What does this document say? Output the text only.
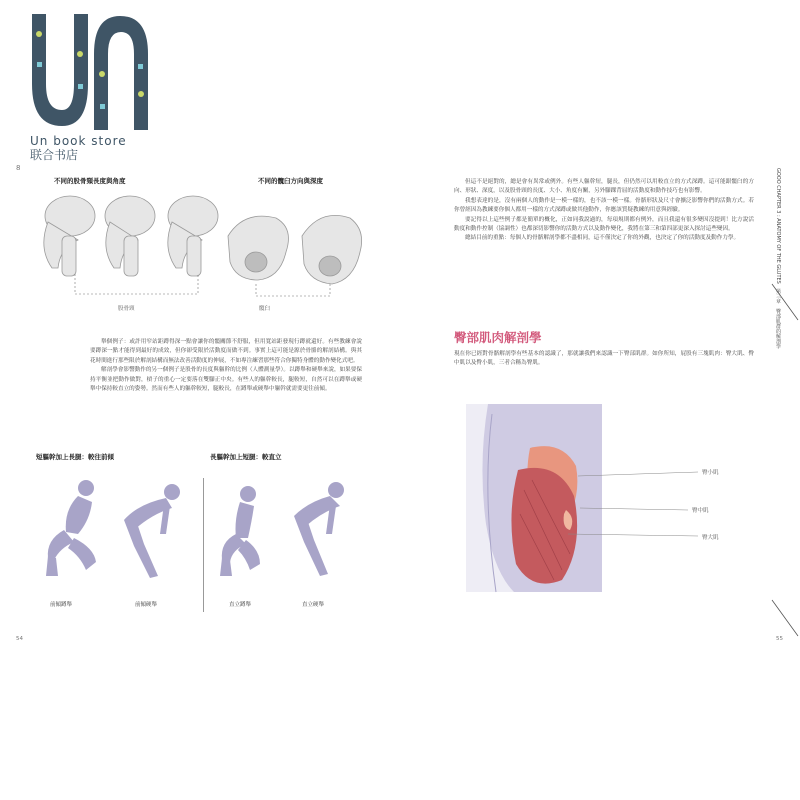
Un book store
联合书店
8
不同的股骨頸長度與角度	不同的髖臼方向與深度
股骨頸	髖臼

舉個例子：或許用窄站距蹲得深一點會讓你的髖關節不舒服，但用寬站距發現行蹲就還好。有些教練會說要蹲深一點才能得到最好的成效，但你卻受限於活動度而做不到。事實上這可能是源於骨骼的解剖結構。與其花時間進行那些限於解剖結構而無法改善活動度的伸展，不如專注練習那些符合你獨特身體的動作變化式吧。

解剖學會影響動作的另一個例子是股骨的長度與軀幹的比例（人體測量學）。以蹲舉和硬舉來說，如果要保持平衡並把動作做對，槓子的重心一定要落在雙腳正中央。有些人的軀幹較長，腿較短，自然可以在蹲舉或硬舉中保持較直立的姿勢。然而有些人的軀幹較短，腿較長，在蹲舉或硬舉中軀幹就需要更往前傾。

短軀幹加上長腿：較往前傾	長軀幹加上短腿：較直立
前傾蹲舉	前傾硬舉	直立蹲舉	直立硬舉
54

但這不是絕對的，總是會有異常或例外。有些人軀幹短，腿長，但仍然可以用較直立的方式深蹲。這可能跟髖臼的方向、形狀、深度，以及股骨頸的長度、大小、角度有關，另外腳踝背屈的活動度和動作技巧也有影響。

我想表達的是，沒有兩個人的動作是一模一樣的，也不該一模一樣。骨骼形狀及尺寸會擴泛影響你們的活動方式。若你曾經因為教練要你個人都用一樣的方式深蹲或做其他動作，你應該質疑教練的用意與經驗。

要記得以上這些例子都是簡單的概化，正如同我說過的，每項規則都有例外，而且我還有很多變因沒提到！比方說活動度和動作控制（協調性）也都深切影響你的活動方式以及動作變化，我將在第三和第四部更深入探討這些變因。

總結目前的重點：每個人的骨骼解剖學都不盡相同，這不僅決定了你的外觀，也決定了你的活動度及動作力學。

臀部肌肉解剖學
現在你已經對骨骼解剖學有些基本的認識了，那就讓我們來認識一下臀部肌群。如你所知，屁股有三塊肌肉：臀大肌、臀中肌以及臀小肌，三者合稱為臀肌。
臀小肌
臀中肌
臀大肌
GOOO CHAPTER 3 : ANATOMY OF THE GLUTES　第三章　臀部肌群的解剖學
55
